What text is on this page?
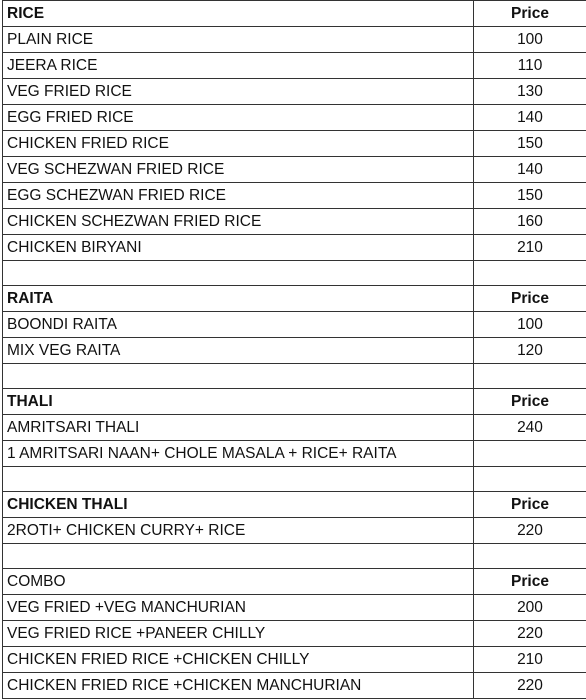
RICE	Price
PLAIN RICE	100
JEERA RICE	110
VEG FRIED RICE	130
EGG FRIED RICE	140
CHICKEN FRIED RICE	150
VEG SCHEZWAN FRIED RICE	140
EGG SCHEZWAN FRIED RICE	150
CHICKEN SCHEZWAN FRIED RICE	160
CHICKEN BIRYANI	210

RAITA	Price
BOONDI RAITA	100
MIX VEG RAITA	120

THALI	Price
AMRITSARI THALI	240
1 AMRITSARI NAAN+ CHOLE MASALA + RICE+ RAITA	

CHICKEN THALI	Price
2ROTI+ CHICKEN CURRY+ RICE	220

COMBO	Price
VEG FRIED +VEG MANCHURIAN	200
VEG FRIED RICE +PANEER CHILLY	220
CHICKEN FRIED RICE +CHICKEN CHILLY	210
CHICKEN FRIED RICE +CHICKEN MANCHURIAN	220
